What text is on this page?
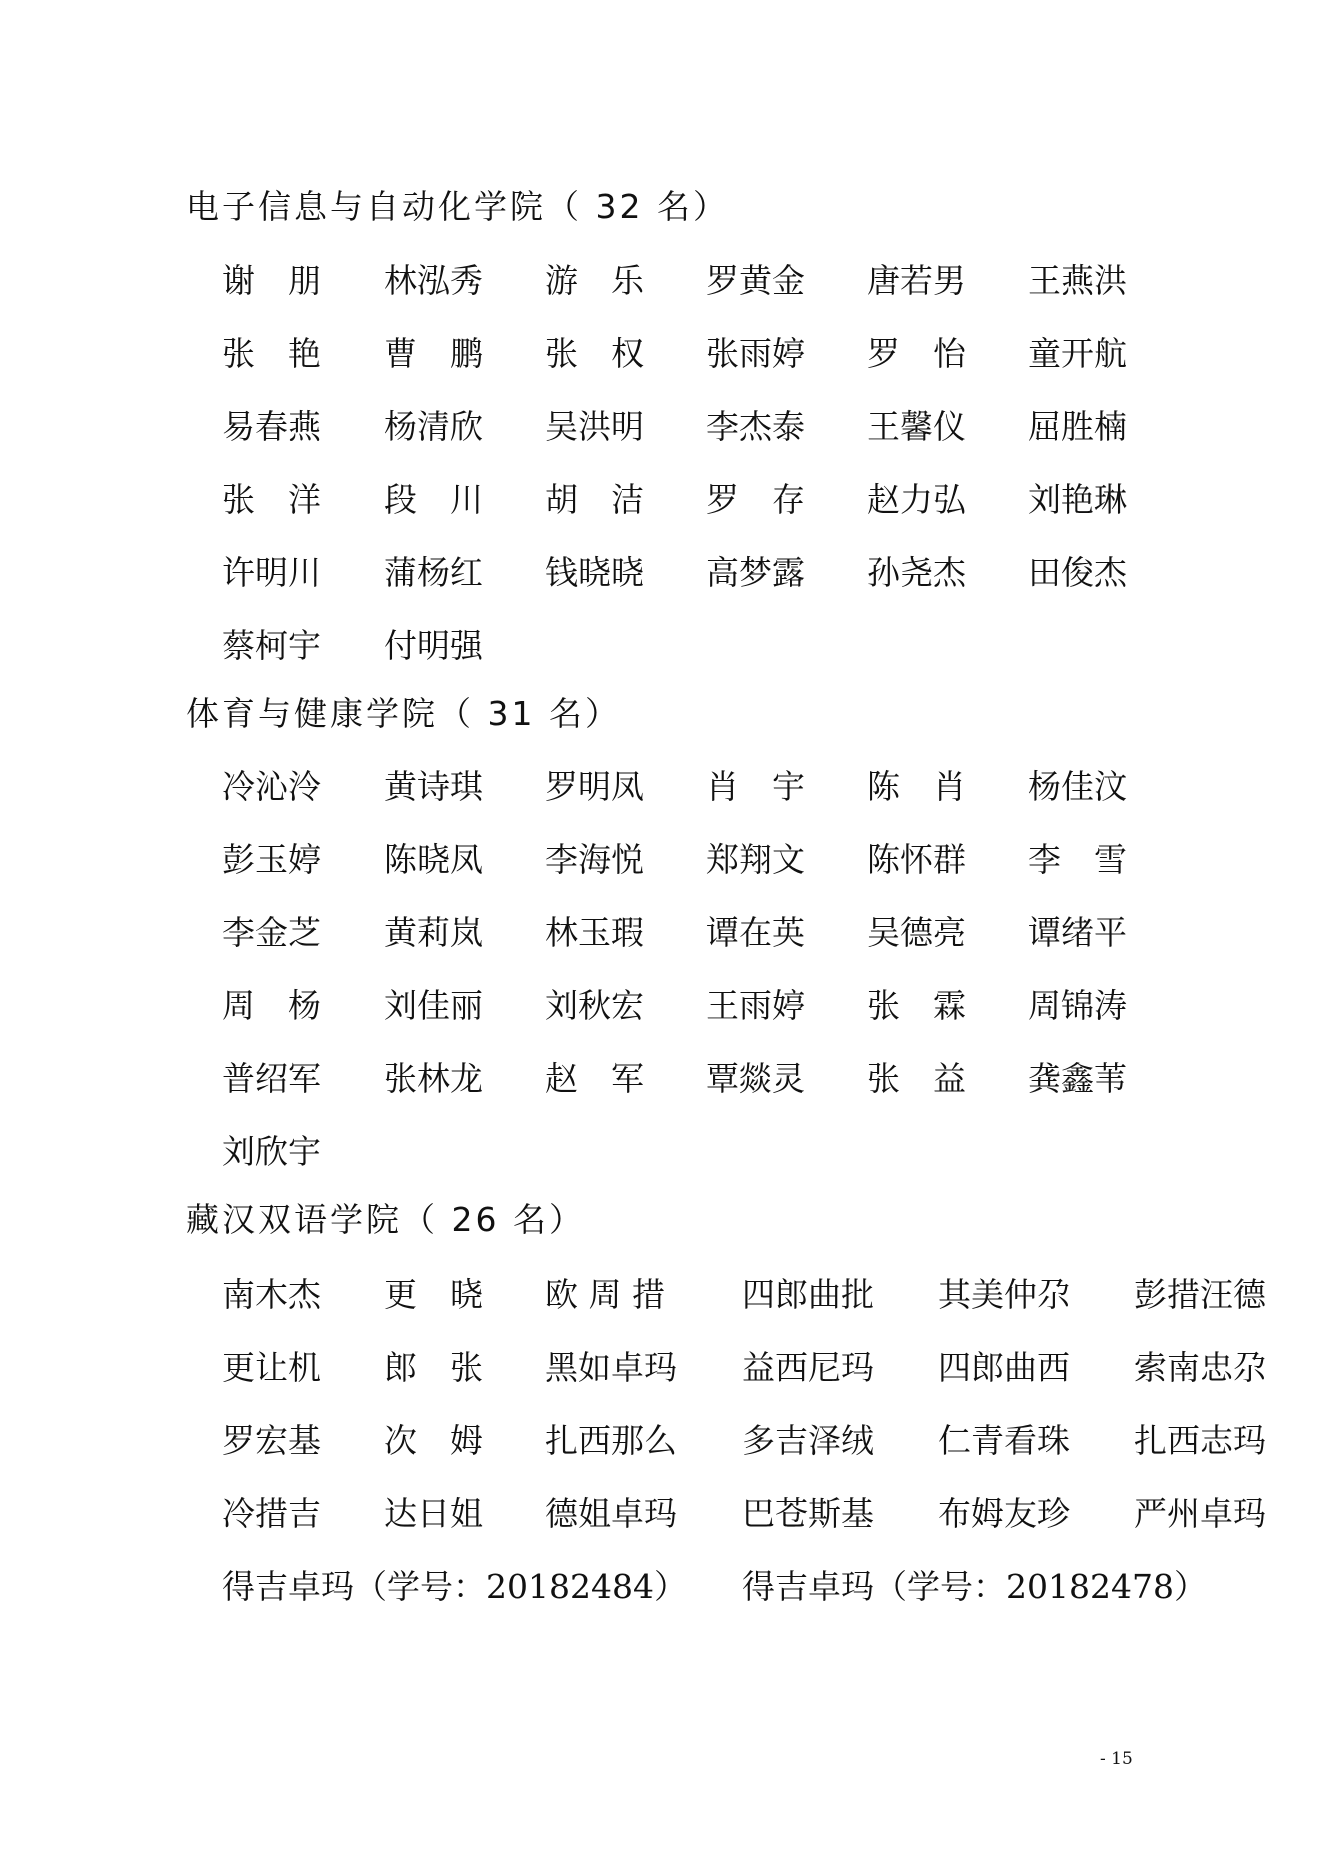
电子信息与自动化学院（ 32 名）
谢　朋 林泓秀 游　乐 罗黄金 唐若男 王燕洪
张　艳 曹　鹏 张　权 张雨婷 罗　怡 童开航
易春燕 杨清欣 吴洪明 李杰泰 王馨仪 屈胜楠
张　洋 段　川 胡　洁 罗　存 赵力弘 刘艳琳
许明川 蒲杨红 钱晓晓 高梦露 孙尧杰 田俊杰
蔡柯宇 付明强
体育与健康学院（ 31 名）
冷沁泠 黄诗琪 罗明凤 肖　宇 陈　肖 杨佳汶
彭玉婷 陈晓凤 李海悦 郑翔文 陈怀群 李　雪
李金芝 黄莉岚 林玉瑕 谭在英 吴德亮 谭绪平
周　杨 刘佳丽 刘秋宏 王雨婷 张　霖 周锦涛
普绍军 张林龙 赵　军 覃燚灵 张　益 龚鑫苇
刘欣宇
藏汉双语学院（ 26 名）
南木杰 更　晓 欧 周 措 四郎曲批 其美仲尕 彭措汪德
更让机 郎　张 黑如卓玛 益西尼玛 四郎曲西 索南忠尕
罗宏基 次　姆 扎西那么 多吉泽绒 仁青看珠 扎西志玛
冷措吉 达日姐 德姐卓玛 巴苍斯基 布姆友珍 严州卓玛
得吉卓玛（学号：20182484） 得吉卓玛（学号：20182478）
- 15
